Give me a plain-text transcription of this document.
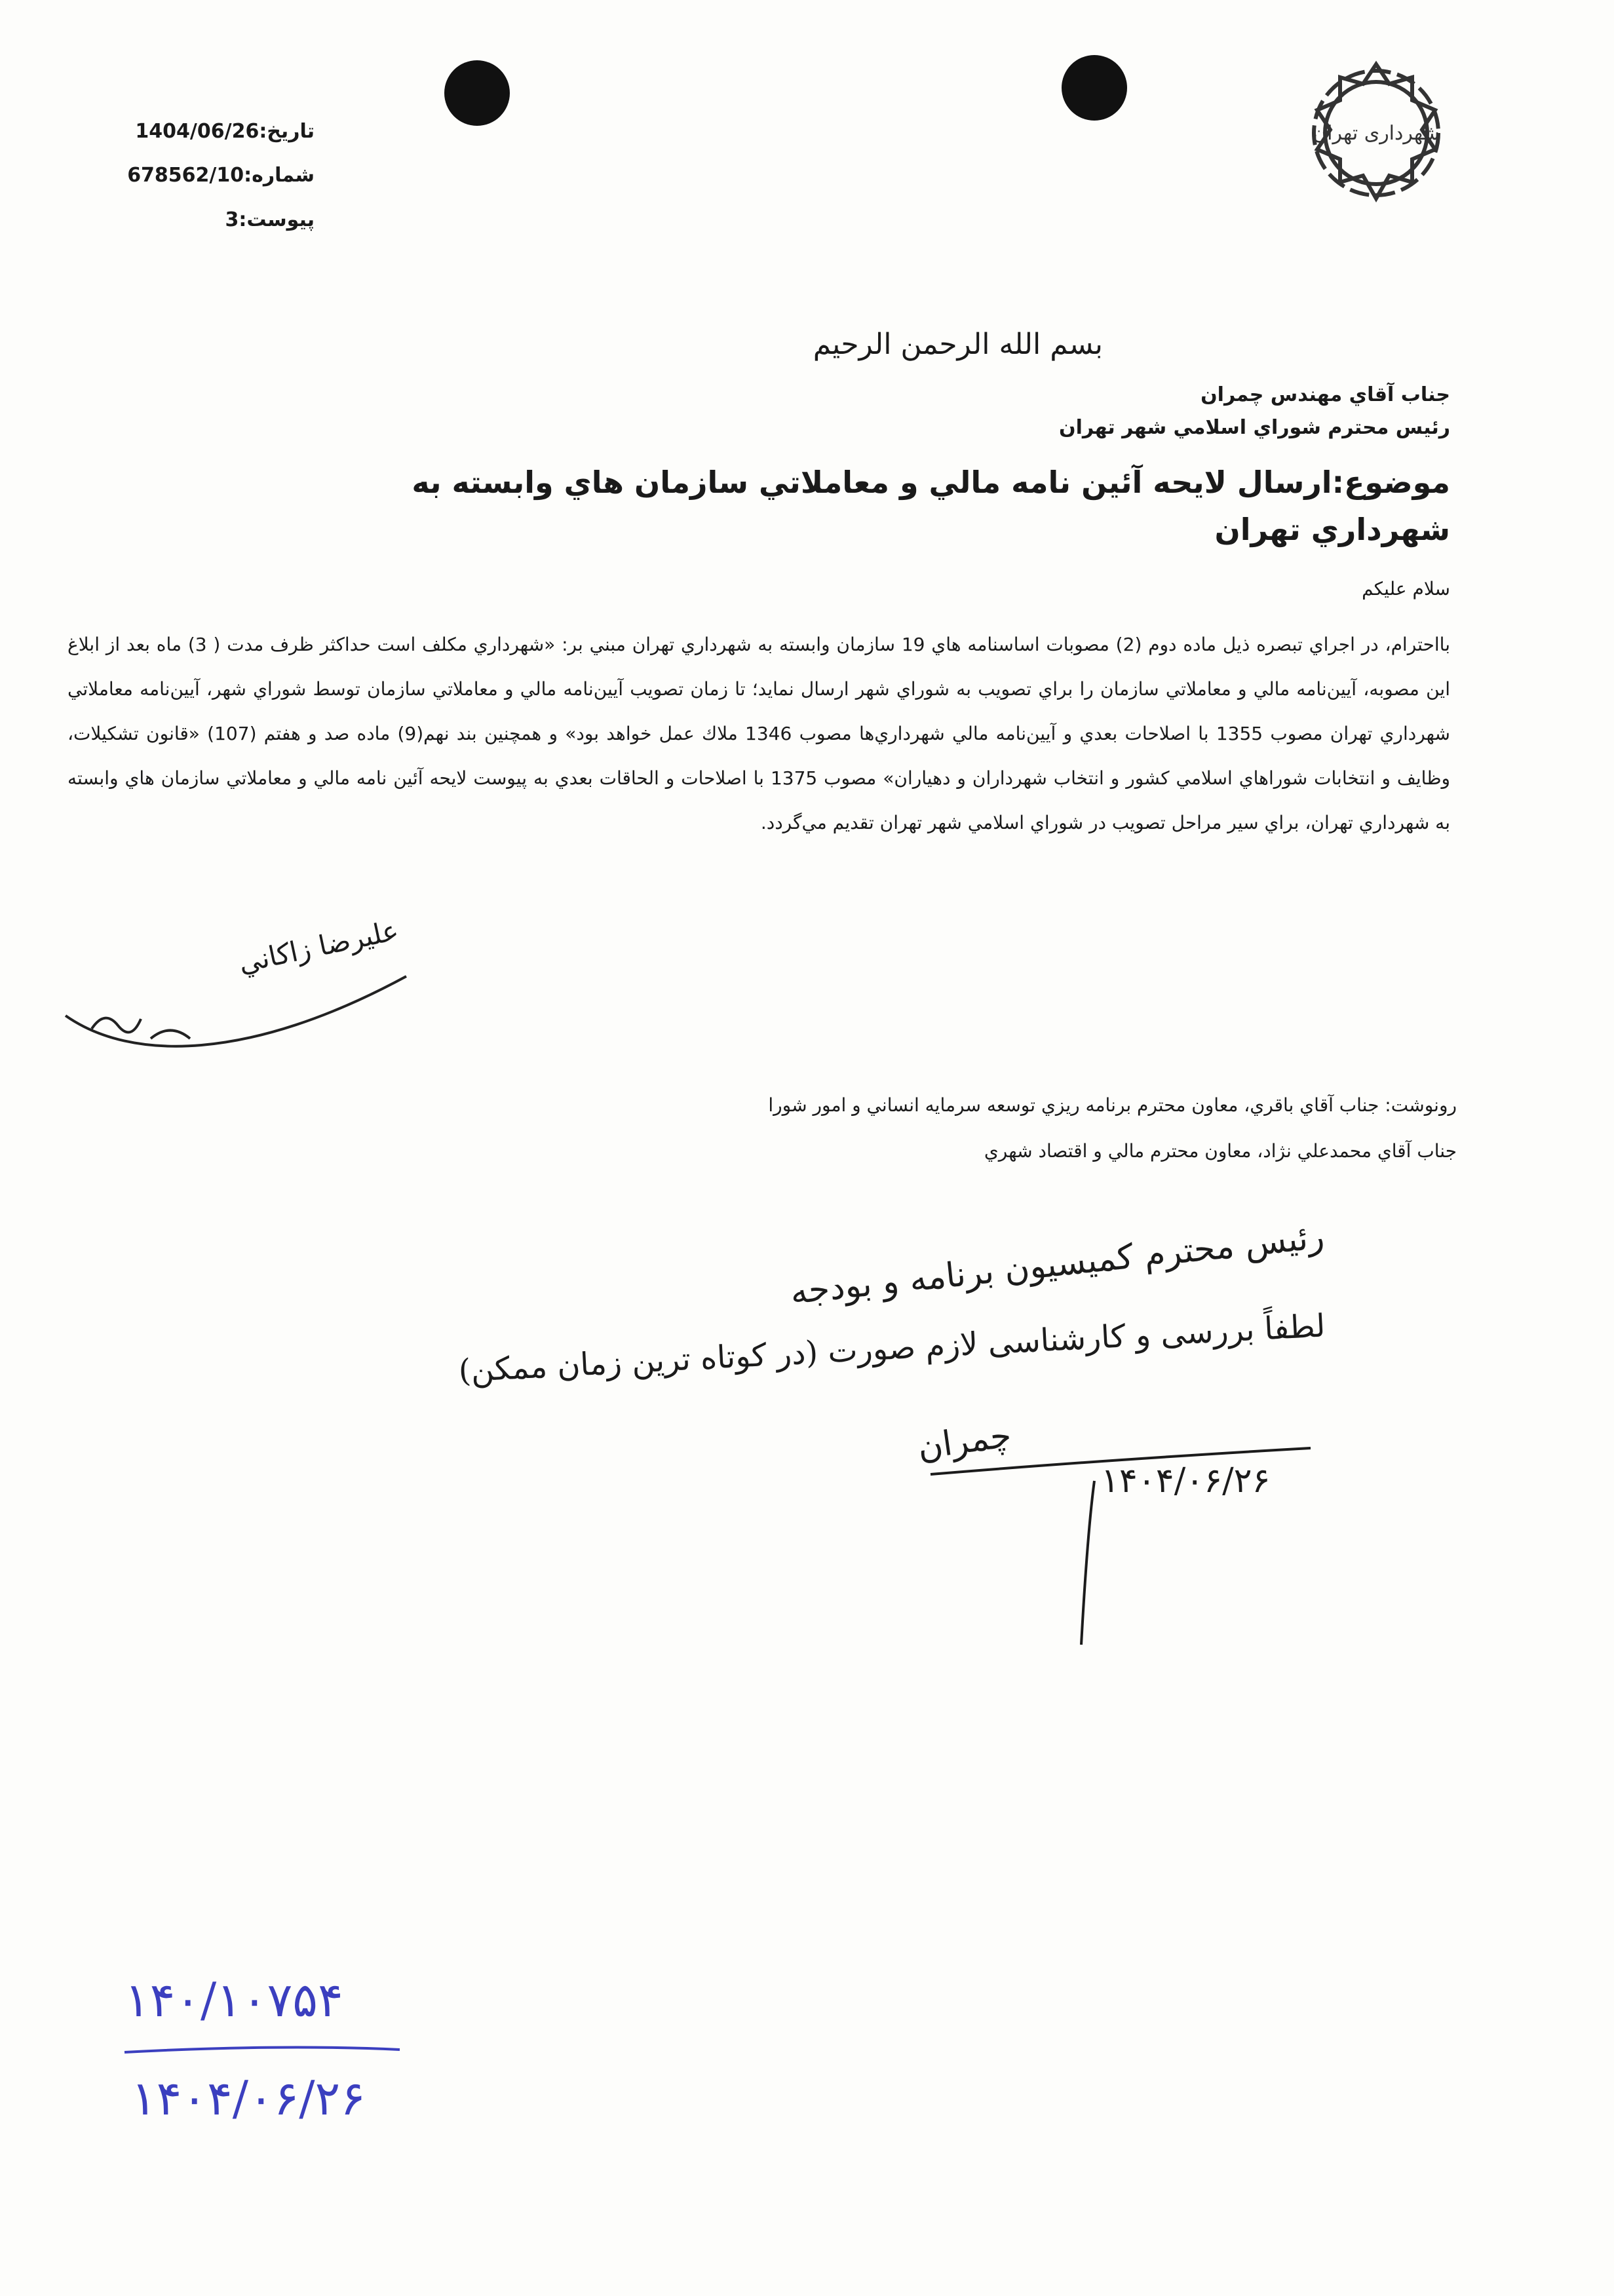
شهرداری تهران
تاريخ:1404/06/26
شماره:678562/10
پيوست:3
بسم الله الرحمن الرحيم
جناب آقاي مهندس چمران
رئيس محترم شوراي اسلامي شهر تهران
موضوع:ارسال لايحه آئين نامه مالي و معاملاتي سازمان هاي وابسته به شهرداري تهران
سلام عليكم
بااحترام، در اجراي تبصره ذيل ماده دوم (2) مصوبات اساسنامه هاي 19 سازمان وابسته به شهرداري تهران مبني بر: «شهرداري مكلف است حداكثر ظرف مدت ( 3) ماه بعد از ابلاغ اين مصوبه، آيين‌نامه مالي و معاملاتي سازمان را براي تصويب به شوراي شهر ارسال نمايد؛ تا زمان تصويب آيين‌نامه مالي و معاملاتي سازمان توسط شوراي شهر، آيين‌نامه معاملاتي شهرداري تهران مصوب 1355 با اصلاحات بعدي و آيين‌نامه مالي شهرداري‌ها مصوب 1346 ملاك عمل خواهد بود» و همچنين بند نهم(9) ماده صد و هفتم (107) «قانون تشكيلات، وظايف و انتخابات شوراهاي اسلامي كشور و انتخاب شهرداران و دهياران» مصوب 1375 با اصلاحات و الحاقات بعدي به پيوست لايحه آئين نامه مالي و معاملاتي سازمان هاي وابسته به شهرداري تهران، براي سير مراحل تصويب در شوراي اسلامي شهر تهران تقديم مي‌گردد.
عليرضا زاكاني
رونوشت: جناب آقاي باقري، معاون محترم برنامه ريزي توسعه سرمايه انساني و امور شورا
جناب آقاي محمدعلي نژاد، معاون محترم مالي و اقتصاد شهري
رئیس محترم کمیسیون برنامه و بودجه
لطفاً بررسی و کارشناسی لازم صورت (در کوتاه ترین زمان ممکن)
چمران
۱۴۰۴/۰۶/۲۶
۱۴۰/۱۰۷۵۴
۱۴۰۴/۰۶/۲۶
